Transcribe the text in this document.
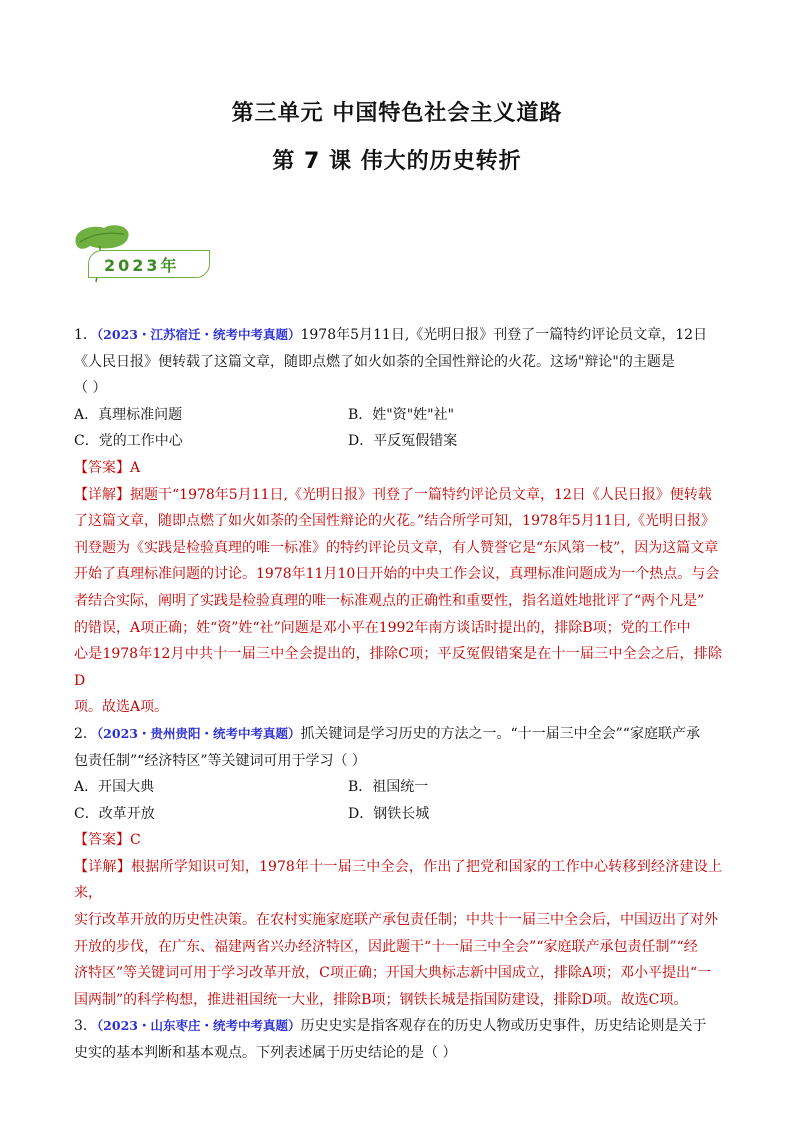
第三单元 中国特色社会主义道路
第 7 课 伟大的历史转折
2023年

1．（2023・江苏宿迁・统考中考真题）1978年5月11日,《光明日报》刊登了一篇特约评论员文章，12日

《人民日报》便转载了这篇文章，随即点燃了如火如荼的全国性辩论的火花。这场"辩论"的主题是

（ ）

A．真理标准问题	B．姓"资"姓"社"
C．党的工作中心	D．平反冤假错案

【答案】A

【详解】据题干“1978年5月11日,《光明日报》刊登了一篇特约评论员文章，12日《人民日报》便转载

了这篇文章，随即点燃了如火如荼的全国性辩论的火花。”结合所学可知，1978年5月11日,《光明日报》

刊登题为《实践是检验真理的唯一标准》的特约评论员文章，有人赞誉它是“东风第一枝”，因为这篇文章

开始了真理标准问题的讨论。1978年11月10日开始的中央工作会议，真理标准问题成为一个热点。与会

者结合实际，阐明了实践是检验真理的唯一标准观点的正确性和重要性，指名道姓地批评了“两个凡是”

的错误，A项正确；姓“资”姓“社”问题是邓小平在1992年南方谈话时提出的，排除B项；党的工作中

心是1978年12月中共十一届三中全会提出的，排除C项；平反冤假错案是在十一届三中全会之后，排除D

项。故选A项。

2．（2023・贵州贵阳・统考中考真题）抓关键词是学习历史的方法之一。“十一届三中全会”“家庭联产承

包责任制”“经济特区”等关键词可用于学习（ ）

A．开国大典	B．祖国统一
C．改革开放	D．钢铁长城

【答案】C

【详解】根据所学知识可知，1978年十一届三中全会，作出了把党和国家的工作中心转移到经济建设上来，

实行改革开放的历史性决策。在农村实施家庭联产承包责任制；中共十一届三中全会后，中国迈出了对外

开放的步伐，在广东、福建两省兴办经济特区，因此题干“十一届三中全会”“家庭联产承包责任制”“经

济特区”等关键词可用于学习改革开放，C项正确；开国大典标志新中国成立，排除A项；邓小平提出“一

国两制”的科学构想，推进祖国统一大业，排除B项；钢铁长城是指国防建设，排除D项。故选C项。

3．（2023・山东枣庄・统考中考真题）历史史实是指客观存在的历史人物或历史事件，历史结论则是关于

史实的基本判断和基本观点。下列表述属于历史结论的是（ ）
